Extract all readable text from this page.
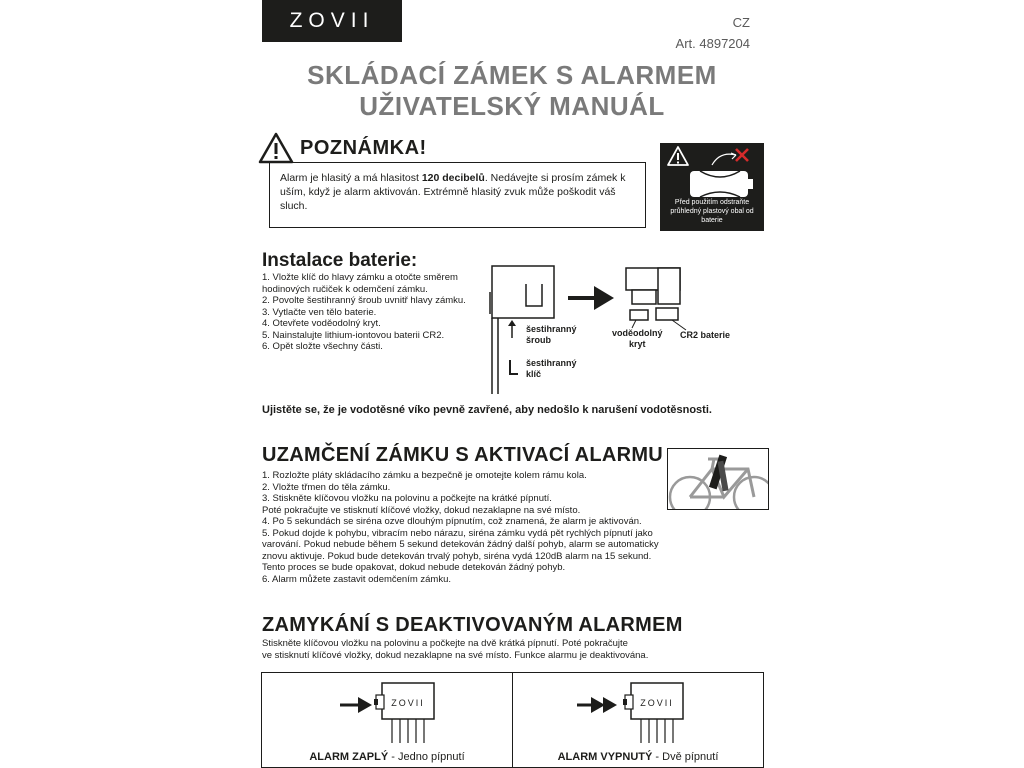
ZOVII	CZ
Art. 4897204
SKLÁDACÍ ZÁMEK S ALARMEM
UŽIVATELSKÝ MANUÁL
POZNÁMKA!
Alarm je hlasitý a má hlasitost 120 decibelů. Nedávejte si prosím zámek k uším, když je alarm aktivován. Extrémně hlasitý zvuk může poškodit váš sluch.	Před použitím odstraňte průhledný plastový obal od baterie
Instalace baterie:
1. Vložte klíč do hlavy zámku a otočte směrem
hodinových ručiček k odemčení zámku.
2. Povolte šestihranný šroub uvnitř hlavy zámku.
3. Vytlačte ven tělo baterie.
4. Otevřete voděodolný kryt.
5. Nainstalujte lithium-iontovou baterii CR2.
6. Opět složte všechny části.
šestihranný
šroub
šestihranný
klíč
voděodolný
kryt
CR2 baterie
Ujistěte se, že je vodotěsné víko pevně zavřené, aby nedošlo k narušení vodotěsnosti.
UZAMČENÍ ZÁMKU S AKTIVACÍ ALARMU
1. Rozložte pláty skládacího zámku a bezpečně je omotejte kolem rámu kola.
2. Vložte třmen do těla zámku.
3. Stiskněte klíčovou vložku na polovinu a počkejte na krátké pípnutí.
Poté pokračujte ve stisknutí klíčové vložky, dokud nezaklapne na své místo.
4. Po 5 sekundách se siréna ozve dlouhým pípnutím, což znamená, že alarm je aktivován.
5. Pokud dojde k pohybu, vibracím nebo nárazu, siréna zámku vydá pět rychlých pípnutí jako
varování. Pokud nebude během 5 sekund detekován žádný další pohyb, alarm se automaticky
znovu aktivuje. Pokud bude detekován trvalý pohyb, siréna vydá 120dB alarm na 15 sekund.
Tento proces se bude opakovat, dokud nebude detekován žádný pohyb.
6. Alarm můžete zastavit odemčením zámku.
ZAMYKÁNÍ S DEAKTIVOVANÝM ALARMEM
Stiskněte klíčovou vložku na polovinu a počkejte na dvě krátká pípnutí. Poté pokračujte
ve stisknutí klíčové vložky, dokud nezaklapne na své místo. Funkce alarmu je deaktivována.
ZOVII
ALARM ZAPLÝ - Jedno pípnutí
ZOVII
ALARM VYPNUTÝ - Dvě pípnutí
